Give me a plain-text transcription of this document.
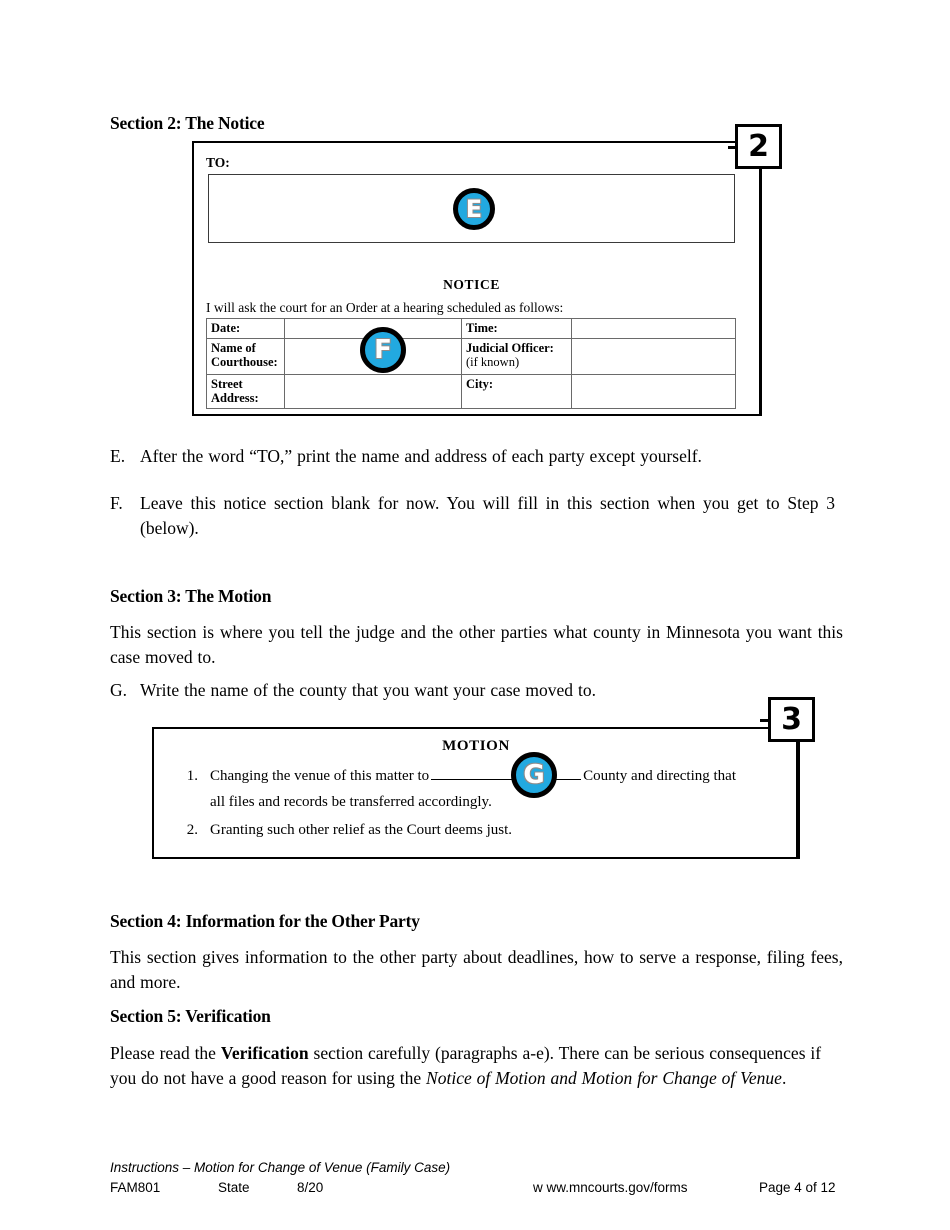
Section 2: The Notice
2
TO:
E
NOTICE
I will ask the court for an Order at a hearing scheduled as follows:
Date:		Time:	
Name of Courthouse:		Judicial Officer:
(if known)	
Street Address:		City:	
F
E. After the word “TO,” print the name and address of each party except yourself.
F. Leave this notice section blank for now. You will fill in this section when you get to Step 3 (below).
Section 3: The Motion
This section is where you tell the judge and the other parties what county in Minnesota you want this case moved to.
G. Write the name of the county that you want your case moved to.
3
MOTION
1. Changing the venue of this matter to	County and directing that
all files and records be transferred accordingly.
2. Granting such other relief as the Court deems just.
G
Section 4: Information for the Other Party
This section gives information to the other party about deadlines, how to serve a response, filing fees, and more.
Section 5: Verification
Please read the Verification section carefully (paragraphs a-e). There can be serious consequences if you do not have a good reason for using the Notice of Motion and Motion for Change of Venue.
Instructions – Motion for Change of Venue (Family Case)
FAM801	State	8/20	w ww.mncourts.gov/forms	Page 4 of 12
